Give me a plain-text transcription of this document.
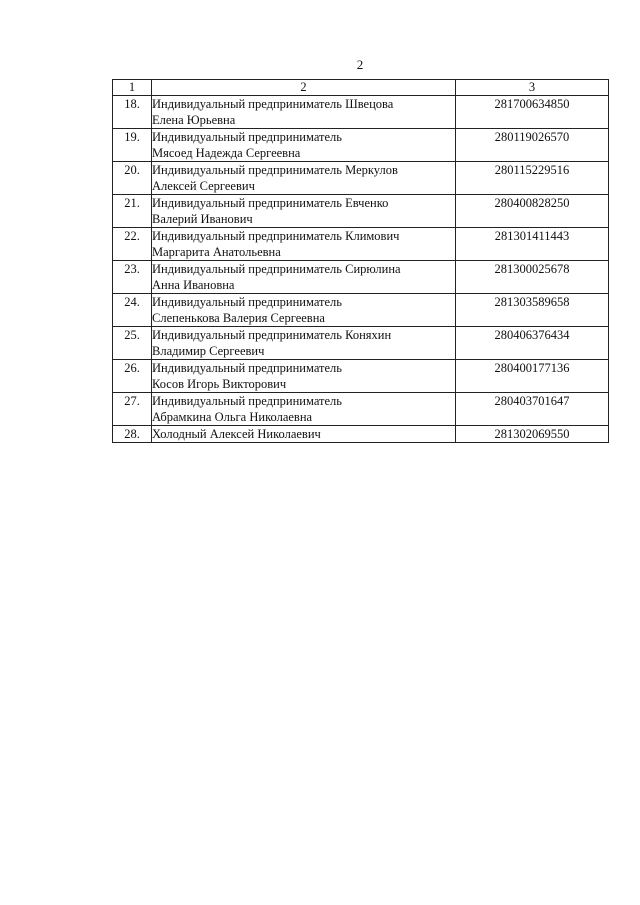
2
1	2	3
18.	Индивидуальный предприниматель Швецова
Елена Юрьевна	281700634850
19.	Индивидуальный предприниматель
Мясоед Надежда Сергеевна	280119026570
20.	Индивидуальный предприниматель Меркулов
Алексей Сергеевич	280115229516
21.	Индивидуальный предприниматель Евченко
Валерий Иванович	280400828250
22.	Индивидуальный предприниматель Климович
Маргарита Анатольевна	281301411443
23.	Индивидуальный предприниматель Сирюлина
Анна Ивановна	281300025678
24.	Индивидуальный предприниматель
Слепенькова Валерия Сергеевна	281303589658
25.	Индивидуальный предприниматель Коняхин
Владимир Сергеевич	280406376434
26.	Индивидуальный предприниматель
Косов Игорь Викторович	280400177136
27.	Индивидуальный предприниматель
Абрамкина Ольга Николаевна	280403701647
28.	Холодный Алексей Николаевич	281302069550
